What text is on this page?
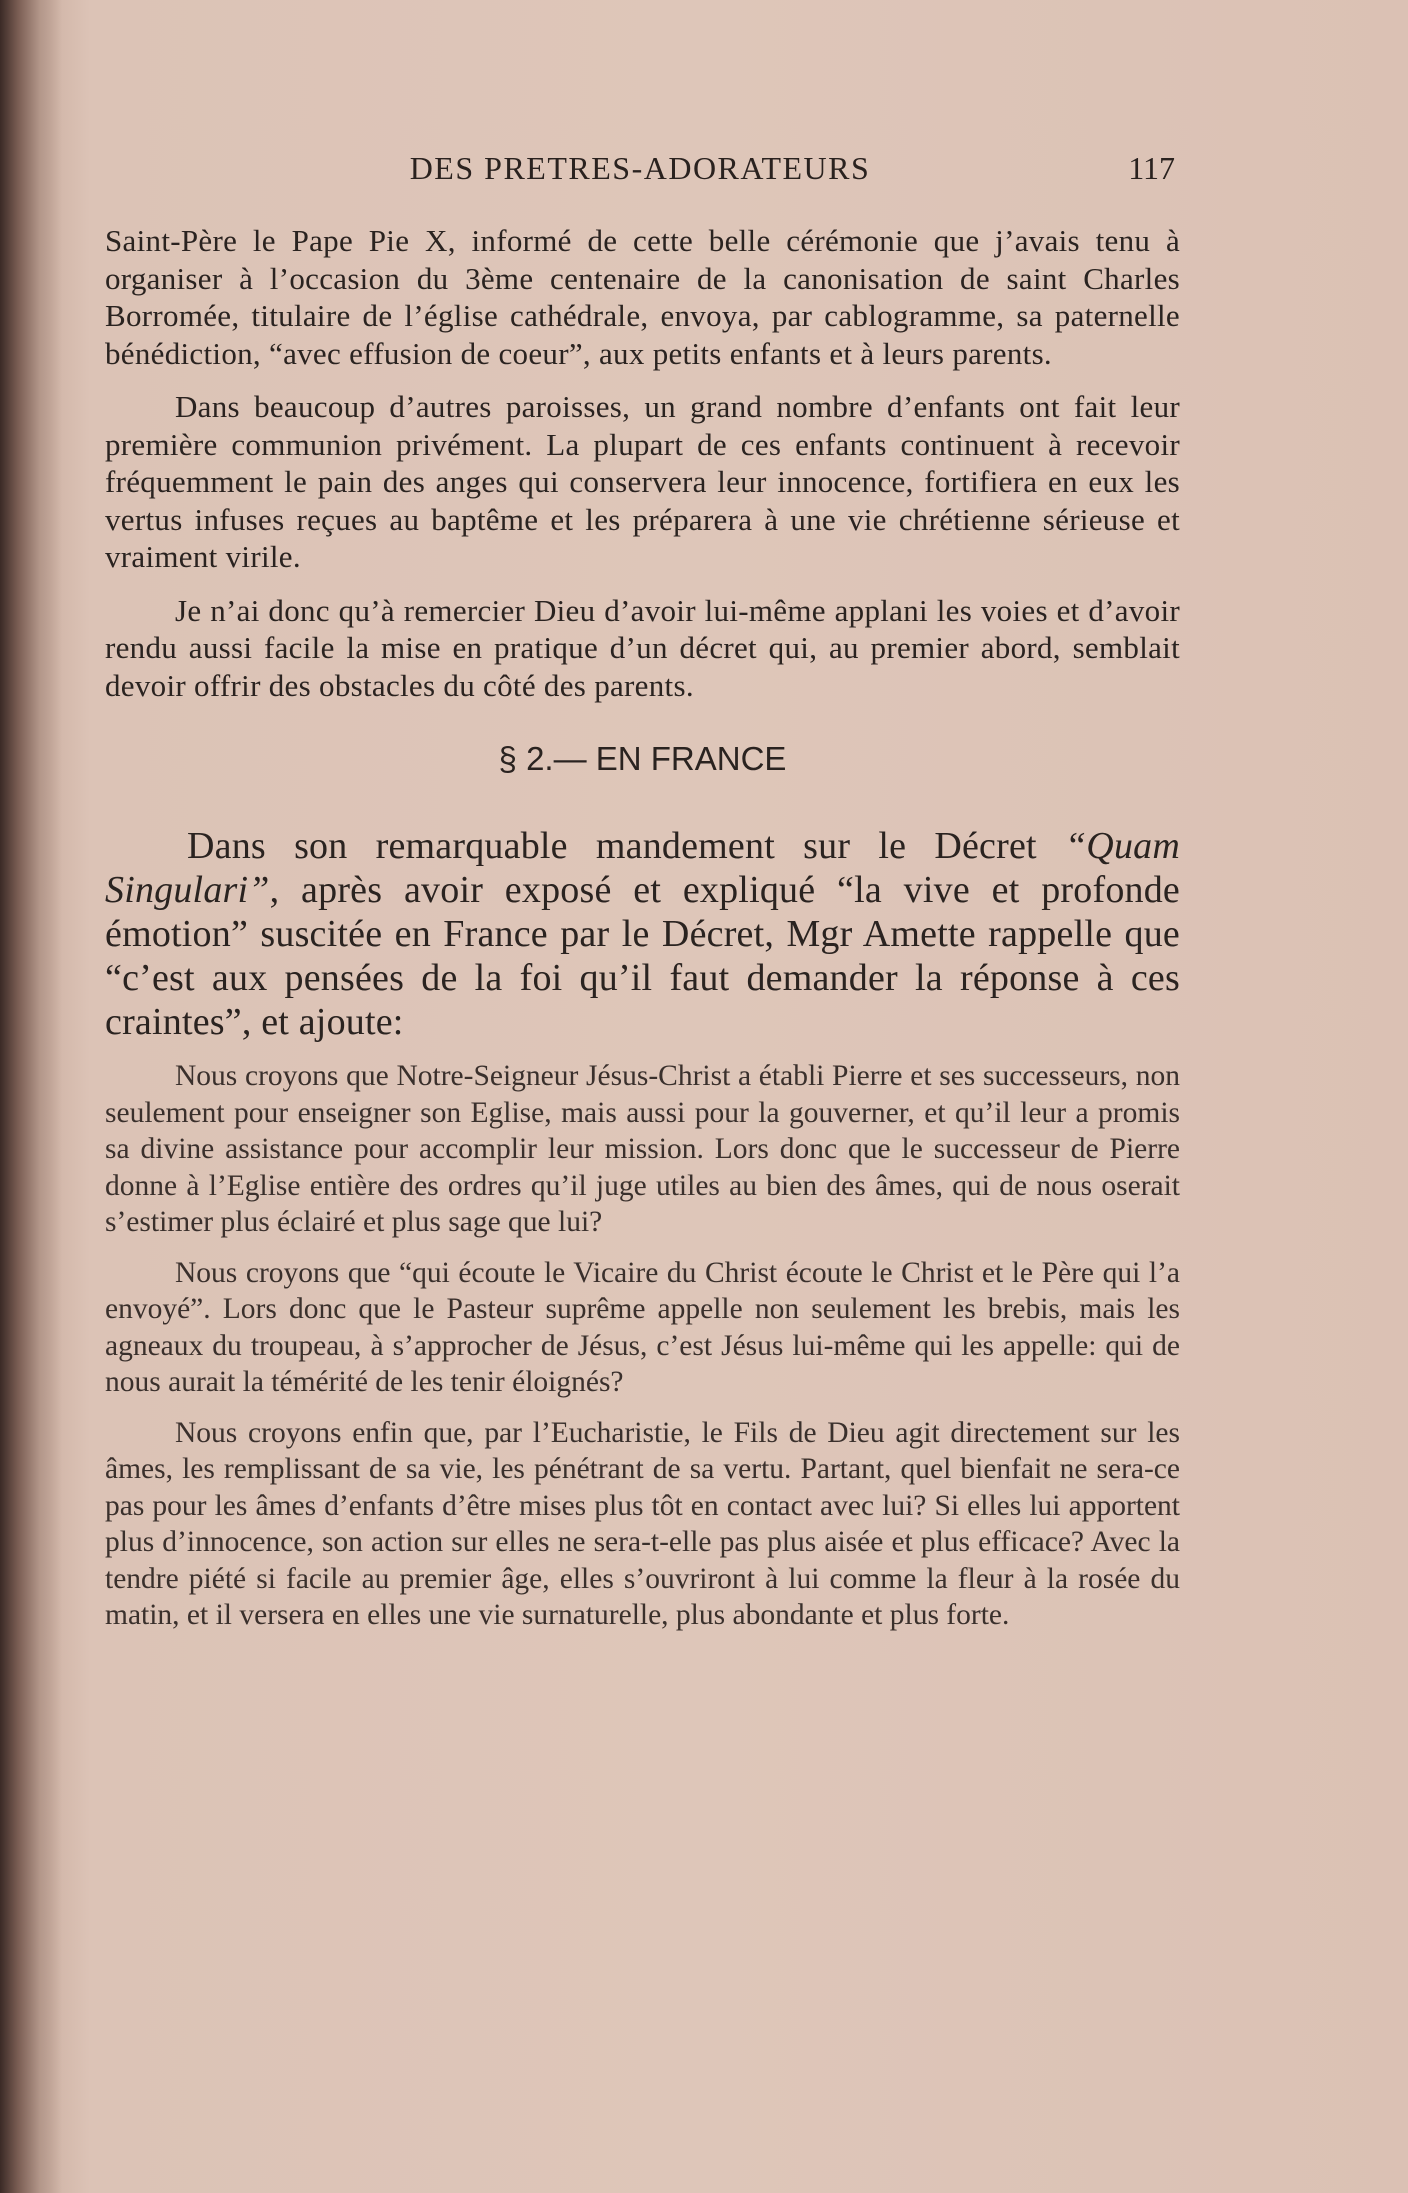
DES PRETRES-ADORATEURS	117

Saint-Père le Pape Pie X, informé de cette belle cérémonie que j’avais tenu à organiser à l’occasion du 3ème centenaire de la canonisation de saint Charles Borromée, titulaire de l’église cathédrale, envoya, par cablogramme, sa paternelle bénédiction, “avec effusion de coeur”, aux petits enfants et à leurs parents.

Dans beaucoup d’autres paroisses, un grand nombre d’enfants ont fait leur première communion privément. La plupart de ces enfants continuent à recevoir fréquemment le pain des anges qui conservera leur innocence, fortifiera en eux les vertus infuses reçues au baptême et les préparera à une vie chrétienne sérieuse et vraiment virile.

Je n’ai donc qu’à remercier Dieu d’avoir lui-même applani les voies et d’avoir rendu aussi facile la mise en pratique d’un décret qui, au premier abord, semblait devoir offrir des obstacles du côté des parents.

§ 2.— EN FRANCE

Dans son remarquable mandement sur le Décret “Quam Singulari”, après avoir exposé et expliqué “la vive et profonde émotion” suscitée en France par le Décret, Mgr Amette rappelle que “c’est aux pensées de la foi qu’il faut demander la réponse à ces craintes”, et ajoute:

Nous croyons que Notre-Seigneur Jésus-Christ a établi Pierre et ses successeurs, non seulement pour enseigner son Eglise, mais aussi pour la gouverner, et qu’il leur a promis sa divine assistance pour accomplir leur mission. Lors donc que le successeur de Pierre donne à l’Eglise entière des ordres qu’il juge utiles au bien des âmes, qui de nous oserait s’estimer plus éclairé et plus sage que lui?

Nous croyons que “qui écoute le Vicaire du Christ écoute le Christ et le Père qui l’a envoyé”. Lors donc que le Pasteur suprême appelle non seulement les brebis, mais les agneaux du troupeau, à s’approcher de Jésus, c’est Jésus lui-même qui les appelle: qui de nous aurait la témérité de les tenir éloignés?

Nous croyons enfin que, par l’Eucharistie, le Fils de Dieu agit directement sur les âmes, les remplissant de sa vie, les pénétrant de sa vertu. Partant, quel bienfait ne sera-ce pas pour les âmes d’enfants d’être mises plus tôt en contact avec lui? Si elles lui apportent plus d’innocence, son action sur elles ne sera-t-elle pas plus aisée et plus efficace? Avec la tendre piété si facile au premier âge, elles s’ouvriront à lui comme la fleur à la rosée du matin, et il versera en elles une vie surnaturelle, plus abondante et plus forte.
